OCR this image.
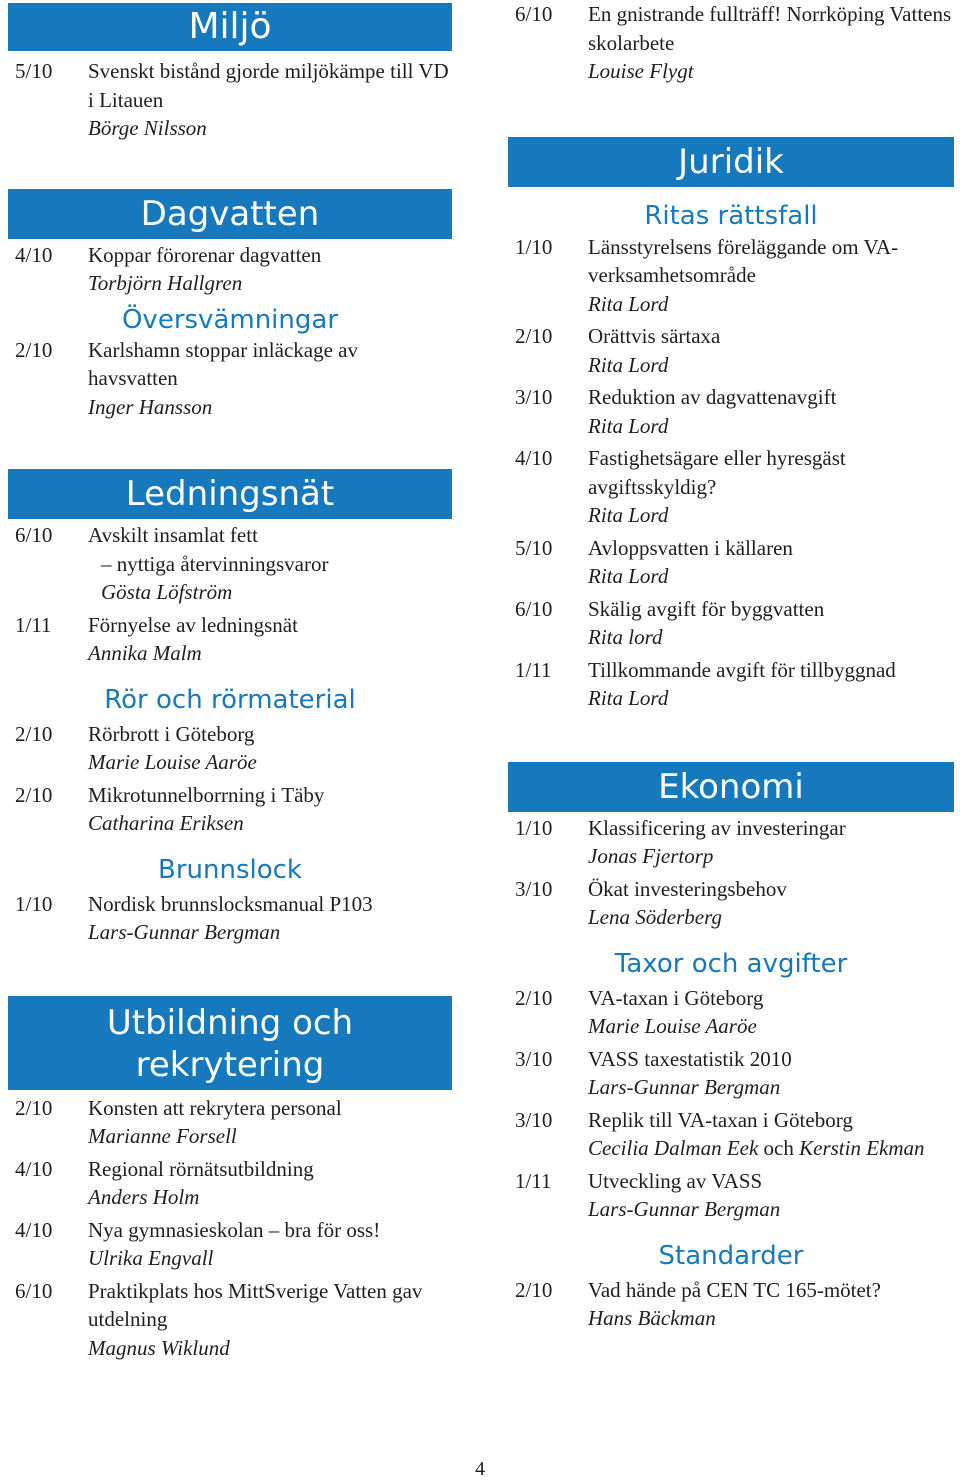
Miljö
5/10 Svenskt bistånd gjorde miljökämpe till VD i Litauen
Börge Nilsson
Dagvatten
4/10 Koppar förorenar dagvatten
Torbjörn Hallgren
Översvämningar
2/10 Karlshamn stoppar inläckage av havsvatten
Inger Hansson
Ledningsnät
6/10 Avskilt insamlat fett
– nyttiga återvinningsvaror
Gösta Löfström
1/11 Förnyelse av ledningsnät
Annika Malm
Rör och rörmaterial
2/10 Rörbrott i Göteborg
Marie Louise Aaröe
2/10 Mikrotunnelborrning i Täby
Catharina Eriksen
Brunnslock
1/10 Nordisk brunnslocksmanual P103
Lars-Gunnar Bergman
Utbildning och
rekrytering
2/10 Konsten att rekrytera personal
Marianne Forsell
4/10 Regional rörnätsutbildning
Anders Holm
4/10 Nya gymnasieskolan – bra för oss!
Ulrika Engvall
6/10 Praktikplats hos MittSverige Vatten gav utdelning
Magnus Wiklund
6/10 En gnistrande fullträff! Norrköping Vattens skolarbete
Louise Flygt
Juridik
Ritas rättsfall
1/10 Länsstyrelsens föreläggande om VA-verksamhetsområde
Rita Lord
2/10 Orättvis särtaxa
Rita Lord
3/10 Reduktion av dagvattenavgift
Rita Lord
4/10 Fastighetsägare eller hyresgäst avgiftsskyldig?
Rita Lord
5/10 Avloppsvatten i källaren
Rita Lord
6/10 Skälig avgift för byggvatten
Rita lord
1/11 Tillkommande avgift för tillbyggnad
Rita Lord
Ekonomi
1/10 Klassificering av investeringar
Jonas Fjertorp
3/10 Ökat investeringsbehov
Lena Söderberg
Taxor och avgifter
2/10 VA-taxan i Göteborg
Marie Louise Aaröe
3/10 VASS taxestatistik 2010
Lars-Gunnar Bergman
3/10 Replik till VA-taxan i Göteborg
Cecilia Dalman Eek och Kerstin Ekman
1/11 Utveckling av VASS
Lars-Gunnar Bergman
Standarder
2/10 Vad hände på CEN TC 165-mötet?
Hans Bäckman
4
